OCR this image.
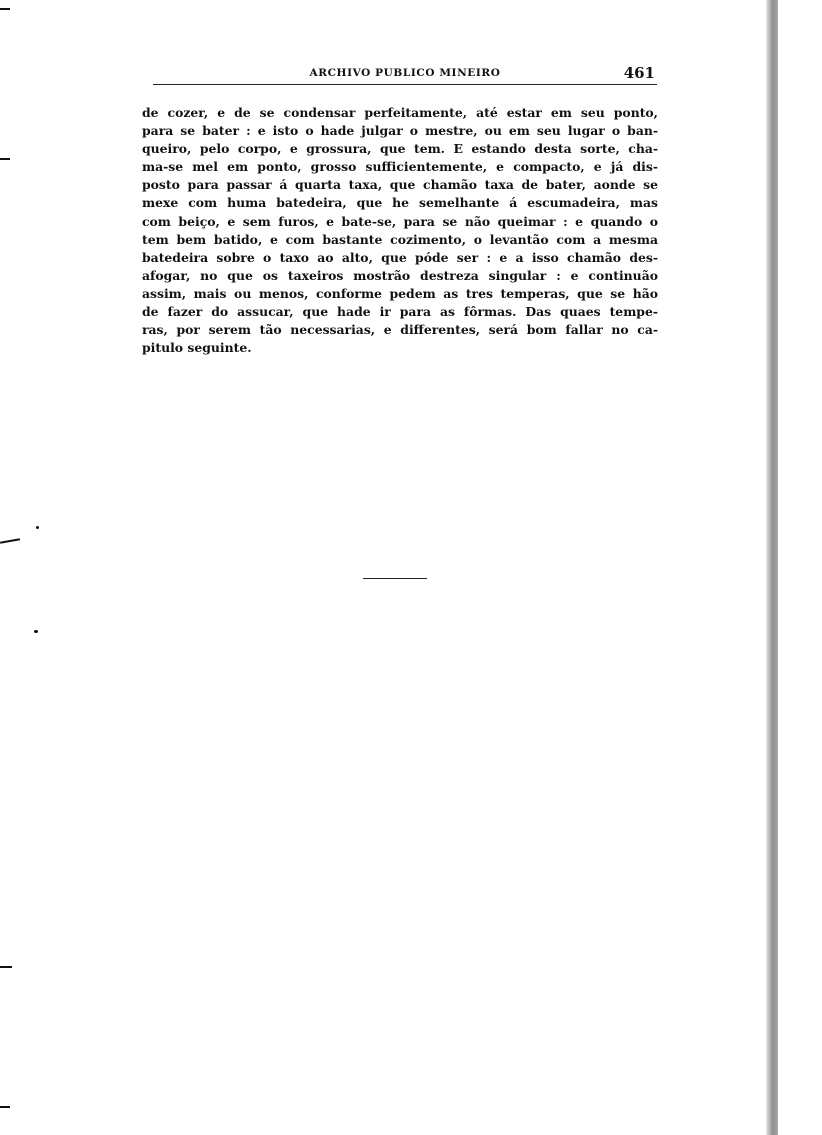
ARCHIVO PUBLICO MINEIRO	461
de cozer, e de se condensar perfeitamente, até estar em seu ponto,
para se bater : e isto o hade julgar o mestre, ou em seu lugar o ban-
queiro, pelo corpo, e grossura, que tem. E estando desta sorte, cha-
ma-se mel em ponto, grosso sufficientemente, e compacto, e já dis-
posto para passar á quarta taxa, que chamão taxa de bater, aonde se
mexe com huma batedeira, que he semelhante á escumadeira, mas
com beiço, e sem furos, e bate-se, para se não queimar : e quando o
tem bem batido, e com bastante cozimento, o levantão com a mesma
batedeira sobre o taxo ao alto, que póde ser : e a isso chamão des-
afogar, no que os taxeiros mostrão destreza singular : e continuão
assim, mais ou menos, conforme pedem as tres temperas, que se hão
de fazer do assucar, que hade ir para as fôrmas. Das quaes tempe-
ras, por serem tão necessarias, e differentes, será bom fallar no ca-
pitulo seguinte.
